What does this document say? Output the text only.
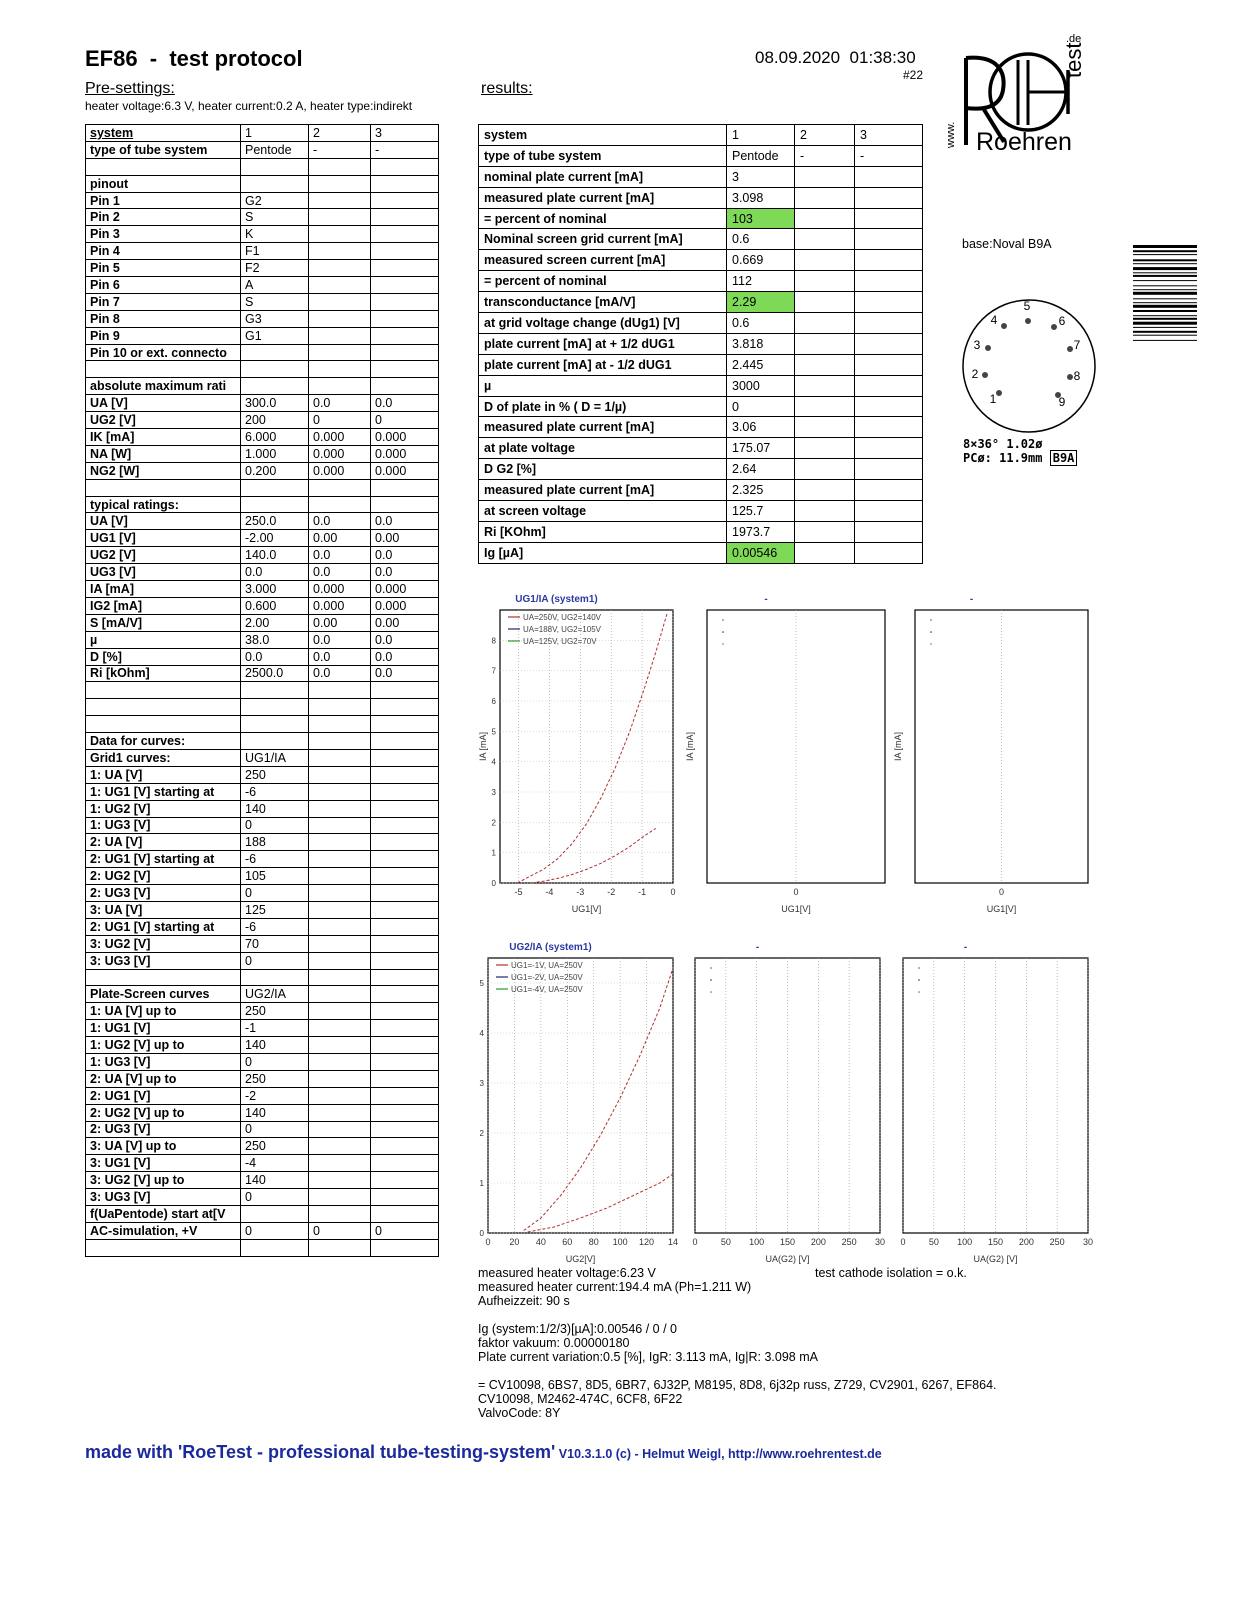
EF86  -  test protocol	08.09.2020  01:38:30
#22
Pre-settings:
heater voltage:6.3 V, heater current:0.2 A, heater type:indirekt
results:
system	1	2	3
type of tube system	Pentode	-	-

pinout			
Pin 1	G2		
Pin 2	S		
Pin 3	K		
Pin 4	F1		
Pin 5	F2		
Pin 6	A		
Pin 7	S		
Pin 8	G3		
Pin 9	G1		
Pin 10 or ext. connecto			

absolute maximum rati			
UA [V]	300.0	0.0	0.0
UG2 [V]	200	0	0
IK [mA]	6.000	0.000	0.000
NA [W]	1.000	0.000	0.000
NG2 [W]	0.200	0.000	0.000

typical ratings:			
UA [V]	250.0	0.0	0.0
UG1 [V]	-2.00	0.00	0.00
UG2 [V]	140.0	0.0	0.0
UG3 [V]	0.0	0.0	0.0
IA [mA]	3.000	0.000	0.000
IG2 [mA]	0.600	0.000	0.000
S [mA/V]	2.00	0.00	0.00
µ	38.0	0.0	0.0
D [%]	0.0	0.0	0.0
Ri [kOhm]	2500.0	0.0	0.0

Data for curves:			
Grid1 curves:	UG1/IA		
1: UA [V]	250		
1: UG1 [V] starting at	-6		
1: UG2 [V]	140		
1: UG3 [V]	0		
2: UA [V]	188		
2: UG1 [V] starting at	-6		
2: UG2 [V]	105		
2: UG3 [V]	0		
3: UA [V]	125		
2: UG1 [V] starting at	-6		
3: UG2 [V]	70		
3: UG3 [V]	0		

Plate-Screen curves	UG2/IA		
1: UA [V] up to	250		
1: UG1 [V]	-1		
1: UG2 [V] up to	140		
1: UG3 [V]	0		
2: UA [V] up to	250		
2: UG1 [V]	-2		
2: UG2 [V] up to	140		
2: UG3 [V]	0		
3: UA [V] up to	250		
3: UG1 [V]	-4		
3: UG2 [V] up to	140		
3: UG3 [V]	0		
f(UaPentode) start at[V			
AC-simulation, +V	0	0	0

system	1	2	3
type of tube system	Pentode	-	-
nominal plate current [mA]	3		
measured plate current [mA]	3.098		
= percent of nominal	103		
Nominal screen grid current [mA]	0.6		
measured screen current [mA]	0.669		
= percent of nominal	112		
transconductance [mA/V]	2.29		
at grid voltage change (dUg1) [V]	0.6		
plate current [mA] at + 1/2 dUG1	3.818		
plate current [mA] at - 1/2 dUG1	2.445		
µ	3000		
D of plate in % ( D = 1/µ)	0		
measured plate current [mA]	3.06		
at plate voltage	175.07		
D G2 [%]	2.64		
measured plate current [mA]	2.325		
at screen voltage	125.7		
Ri [KOhm]	1973.7		
Ig [µA]	0.00546		
www.
test
.de
Roehren
base:Noval B9A
1
2
3
4
5
6
7
8
9
8×36° 1.02ø
PCø: 11.9mm B9A
UG1/IA (system1)
UG1[V]
IA [mA]
-5	-4	-3	-2	-1	0
0
1
2
3
4
5
6
7
8
UA=250V, UG2=140V
UA=188V, UG2=105V
UA=125V, UG2=70V
-
UG1[V]
IA [mA]
0
-
UG1[V]
IA [mA]
0
UG2/IA (system1)
UG2[V]
0 20 40 60 80 100 120 14
0
1
2
3
4
5
UG1=-1V, UA=250V
UG1=-2V, UA=250V
UG1=-4V, UA=250V
-
UA(G2) [V]
0	50 100 150 200 250 30
-
UA(G2) [V]
0	50 100 150 200 250 30
measured heater voltage:6.23 V
measured heater current:194.4 mA (Ph=1.211 W)
Aufheizzeit: 90 s
Ig (system:1/2/3)[µA]:0.00546 / 0 / 0
faktor vakuum: 0.00000180
Plate current variation:0.5 [%], IgR: 3.113 mA, Ig|R: 3.098 mA
= CV10098, 6BS7, 8D5, 6BR7, 6J32P, M8195, 8D8, 6j32p russ, Z729, CV2901, 6267, EF864.
CV10098, M2462-474C, 6CF8, 6F22
ValvoCode: 8Y
test cathode isolation = o.k.
made with 'RoeTest - professional tube-testing-system' V10.3.1.0 (c) - Helmut Weigl, http://www.roehrentest.de
